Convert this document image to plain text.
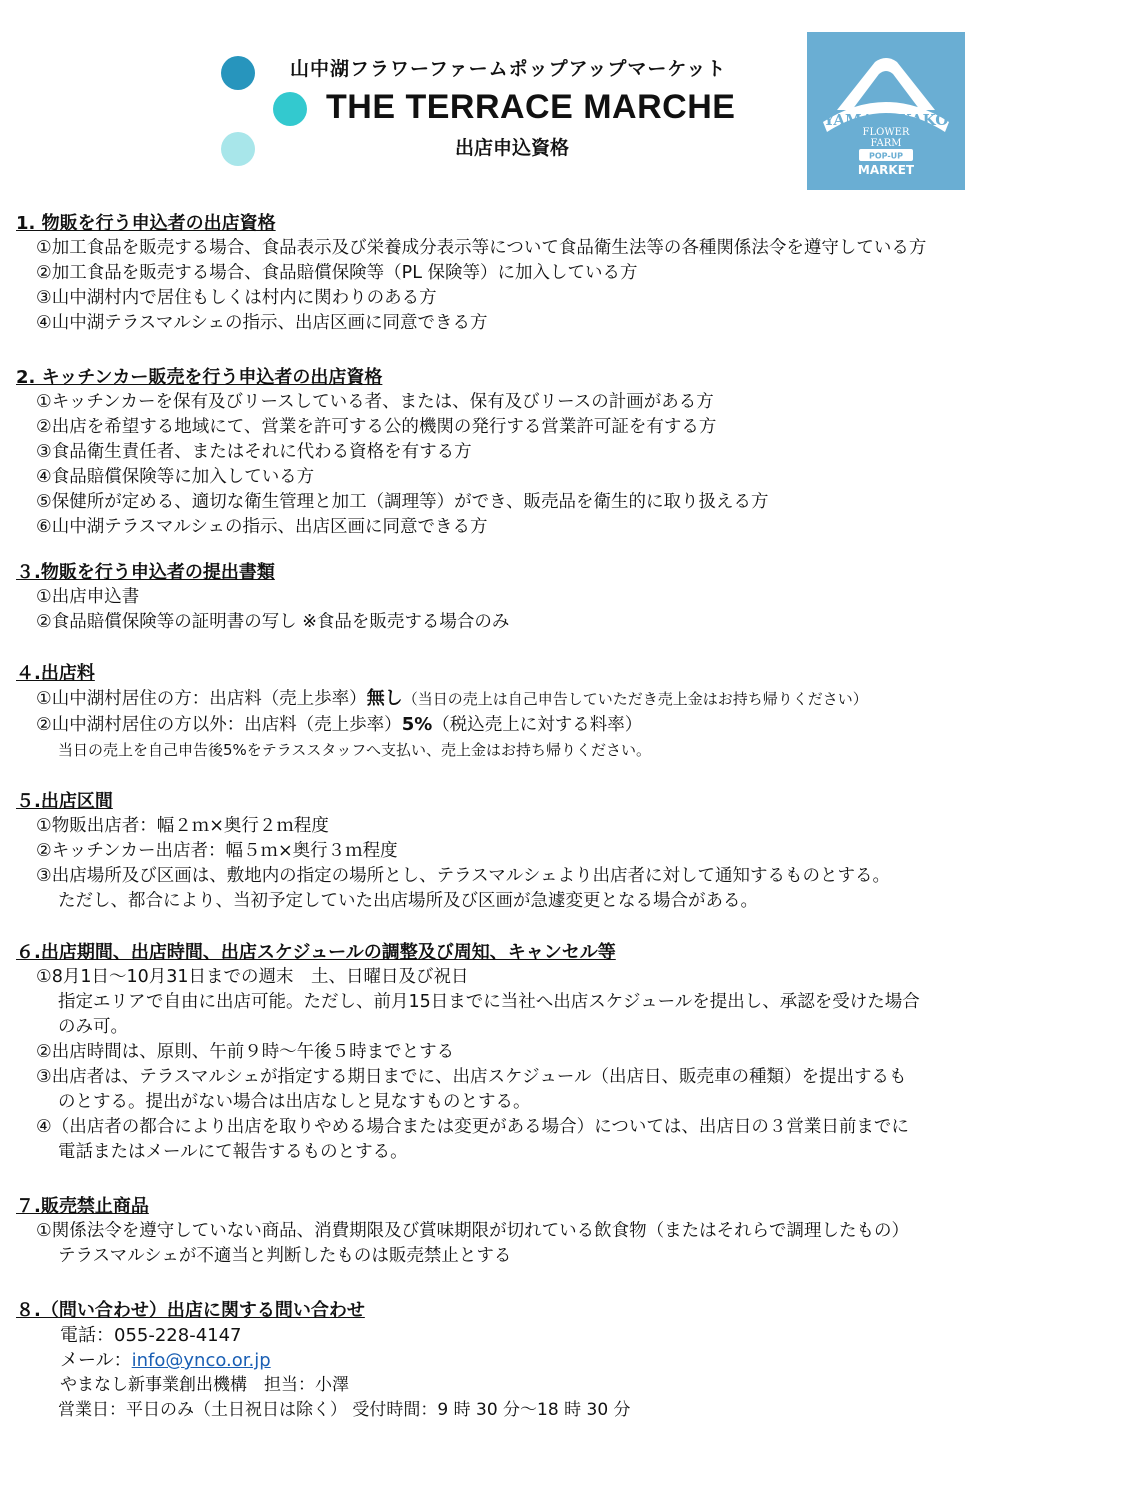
山中湖フラワーファームポップアップマーケット
THE TERRACE MARCHE
出店申込資格
YAMANAKAKO
FLOWER
FARM
POP-UP
MARKET

1. 物販を行う申込者の出店資格

①加工食品を販売する場合、食品表示及び栄養成分表示等について食品衛生法等の各種関係法令を遵守している方

②加工食品を販売する場合、食品賠償保険等（PL 保険等）に加入している方

③山中湖村内で居住もしくは村内に関わりのある方

④山中湖テラスマルシェの指示、出店区画に同意できる方

2. キッチンカー販売を行う申込者の出店資格

①キッチンカーを保有及びリースしている者、または、保有及びリースの計画がある方

②出店を希望する地域にて、営業を許可する公的機関の発行する営業許可証を有する方

③食品衛生責任者、またはそれに代わる資格を有する方

④食品賠償保険等に加入している方

⑤保健所が定める、適切な衛生管理と加工（調理等）ができ、販売品を衛生的に取り扱える方

⑥山中湖テラスマルシェの指示、出店区画に同意できる方

３.物販を行う申込者の提出書類

①出店申込書

②食品賠償保険等の証明書の写し ※食品を販売する場合のみ

４.出店料

①山中湖村居住の方：出店料（売上歩率）無し（当日の売上は自己申告していただき売上金はお持ち帰りください）

②山中湖村居住の方以外：出店料（売上歩率）5%（税込売上に対する料率）

当日の売上を自己申告後5%をテラススタッフへ支払い、売上金はお持ち帰りください。

５.出店区間

①物販出店者：幅２ｍ×奥行２ｍ程度

②キッチンカー出店者：幅５ｍ×奥行３ｍ程度

③出店場所及び区画は、敷地内の指定の場所とし、テラスマルシェより出店者に対して通知するものとする。

ただし、都合により、当初予定していた出店場所及び区画が急遽変更となる場合がある。

６.出店期間、出店時間、出店スケジュールの調整及び周知、キャンセル等

①8月1日～10月31日までの週末　土、日曜日及び祝日

指定エリアで自由に出店可能。ただし、前月15日までに当社へ出店スケジュールを提出し、承認を受けた場合

のみ可。

②出店時間は、原則、午前９時～午後５時までとする

③出店者は、テラスマルシェが指定する期日までに、出店スケジュール（出店日、販売車の種類）を提出するも

のとする。提出がない場合は出店なしと見なすものとする。

④（出店者の都合により出店を取りやめる場合または変更がある場合）については、出店日の３営業日前までに

電話またはメールにて報告するものとする。

７.販売禁止商品

①関係法令を遵守していない商品、消費期限及び賞味期限が切れている飲食物（またはそれらで調理したもの）

テラスマルシェが不適当と判断したものは販売禁止とする

８.（問い合わせ）出店に関する問い合わせ

電話：055-228-4147

メール：info@ynco.or.jp

やまなし新事業創出機構　担当：小澤

営業日：平日のみ（土日祝日は除く） 受付時間：9 時 30 分～18 時 30 分
